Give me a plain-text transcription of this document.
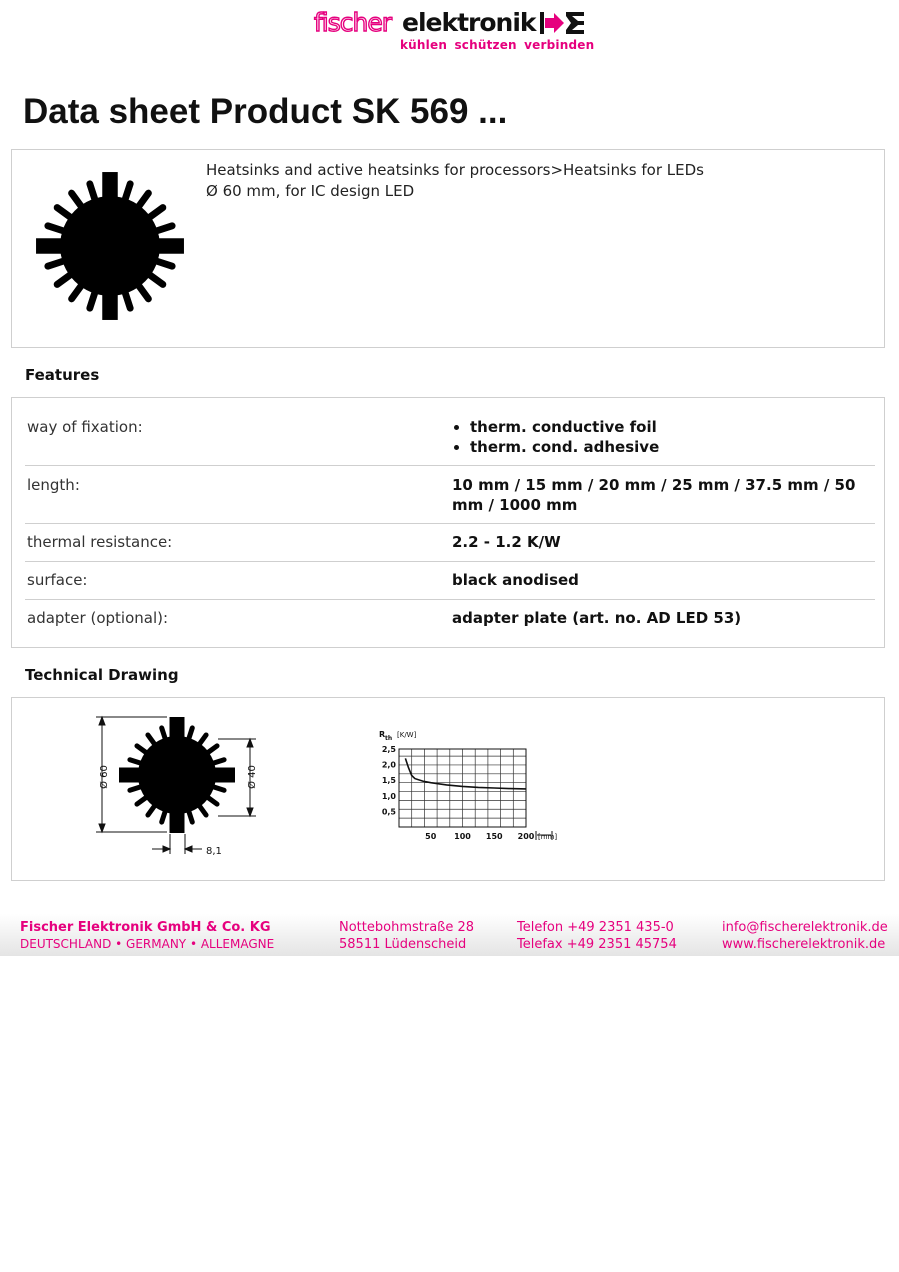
fischer elektronik
kühlen schützen verbinden
Data sheet Product SK 569 ...
Heatsinks and active heatsinks for processors>Heatsinks for LEDs
Ø 60 mm, for IC design LED
Features
way of fixation:
•	therm. conductive foil
• therm. cond. adhesive
length:	10 mm / 15 mm / 20 mm / 25 mm / 37.5 mm / 50 mm / 1000 mm
thermal resistance:	2.2 - 1.2 K/W
surface:	black anodised
adapter (optional):	adapter plate (art. no. AD LED 53)
Technical Drawing
Ø 60	Ø 40
8,1
2,5
2,0
1,5
1,0
0,5
50 100 150 200 [mm]
R th [K/W]
Fischer Elektronik GmbH & Co. KG
DEUTSCHLAND • GERMANY • ALLEMAGNE
Nottebohmstraße 28
58511 Lüdenscheid
Telefon +49 2351 435-0
Telefax +49 2351 45754
info@fischerelektronik.de
www.fischerelektronik.de
